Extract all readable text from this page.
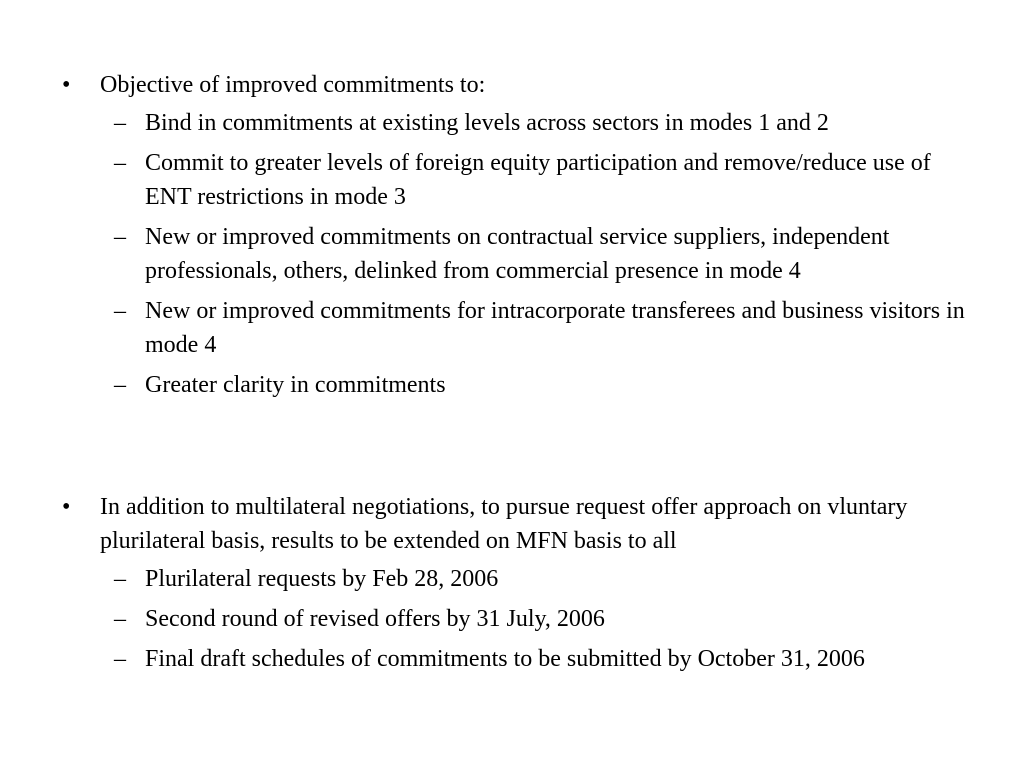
•	Objective of improved commitments to:

– Bind in commitments at existing levels across sectors in modes 1 and 2
– Commit to greater levels of foreign equity participation and remove/reduce use of ENT restrictions in mode 3
– New or improved commitments on contractual service suppliers, independent professionals, others, delinked from commercial presence in mode 4
– New or improved commitments for intracorporate transferees and business visitors in mode 4
– Greater clarity in commitments

•	In addition to multilateral negotiations, to pursue request offer approach on vluntary plurilateral basis, results to be extended on MFN basis to all

– Plurilateral requests by Feb 28, 2006
– Second round of revised offers by 31 July, 2006
– Final draft schedules of commitments to be submitted by October 31, 2006
